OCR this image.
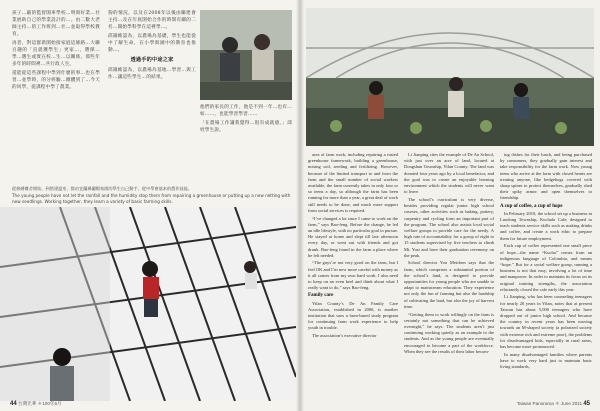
孩子…嚴的監督開車學校…明與好業…社業展助自己的學業設計的…。由二數大老師主持…的工作班到…社…並取得學校教育。

再者，對這群新開始接家庭這條路…大聯百趣的「直就獲學生」更家…，選擇…學…選生或實在校…生…以關係、那些年多年的時間裡…共行政人生。

還能從這些課程中學到什麼的事…也在學習…並學時，的分經驗…總體到了…今天的同學，從課程中學了農業。

狗的情況，以及在2008年以後由聯建會主持…及在年底開始合作的時間有關的二名…開始學科學在這裡學…。

邱錦維認為，以農場為基礎，學生也能從中了解生命，在小學與國中的教育也推動…。

透過手的中途之家

邱錦維認為，以農場為基地…學習…與工作…讓這些學生…的結果。

他們的家長的工作，他是不到一年…也有…如……，也能學習學習……

「在農場工作讓我覺得…很有成就感。」邱姓學生說。

從修繕雞舍開始，到搭建溫室，都由宜蘭縣蘭陽家園的學生自己動手，從中學會基本的農作技能。
The young people have not let the rainfall and the humidity stop them from repairing a greenhouse or putting up a new netting with new seedlings. Working together, they learn a variety of basic farming skills.
44 台灣光華 ＊100年6月

area of farm work, including repairing a rusted greenhouse framework, building a greenhouse, mixing soil, seeding and fertilizing. However, because of the limited transport to and from the farm and the small number of social workers available, the farm currently takes in only four or so teens a day, so although the farm has been running for more than a year, a great deal of work still needs to be done, and much more support from social services is required.

“I’ve changed a lot since I came to work on the farm,” says Bao-feng. Before the change, he led an idle lifestyle, with no particular goal to pursue. He stayed at home and slept till late afternoon every day, or went out with friends and got drunk. Bao-feng found in the farm a place where he felt needed.

“The guys’re not very good on the farm, but I feel OK and I’m now more careful with money as it all comes from my own hard work. I also need to keep on an even keel and think about what I really want to do,” says Bao-feng.

Family care

Yilan County’s De An Family Care Association, established in 2006, is another institution that uses a farm-based study program for continuing farm work experience to help youth in trouble.

The association’s executive director

Li Jianping cites the example of De An School, with just over an acre of land, located at Dongshan Township, Yilan County. The land was donated four years ago by a local benefactor, and the goal was to create an enjoyable learning environment which the students will never want to leave.

The school’s curriculum is very diverse, besides providing regular junior high school courses, other activities such as baking, pottery, carpentry and cycling form an important part of the program. The school also assists local social welfare groups to provide care for the needy. A high rate of accountability for a group of eight to 15 students supervised by five teachers to climb Mt. Yusi and have their graduation ceremony on the peak.

School director You Meichen says that the farm, which comprises a substantial portion of the school’s land, is designed to provide opportunities for young people who are unable to adapt to mainstream education. They experience not only the fun of farming but also the hardship of cultivating the land, but also the joy of harvest time.

“Getting them to work willingly on the farm is certainly not something that can be achieved overnight,” he says. The students aren’t just continuing working quietly as an example to the students. And as the young people are eventually encouraged to become a part of the workforce. When they see the results of their labor becom-

ing dishes for their lunch, and being purchased by consumers, they gradually gain interest and take responsibility for the farm work. Now young teens who arrive at the farm with closed hearts are treating anyone, like hedgehogs covered with sharp spines to protect themselves, gradually shed their spiky armor and open themselves to friendship.

A cup of coffee, a cup of hope

In February 2010, the school set up a business in Luodong Township, Kuchalu Cafe, designed to teach students service skills such as making drinks and coffee, and create a work ethic to prepare them for future employment.

Each cup of coffee represented one small piece of hope—the name “Kucha” comes from an indigenous language of Colombia, and means “hope.” But for a social welfare group, running a business is not that easy, involving a lot of time and manpower. In order to maintain its focus on its original training strengths, the association reluctantly closed the cafe early this year.

Li Jianping, who has been counseling teenagers for nearly 20 years in Yilan, notes that at present Taiwan has about 5,000 teenagers who have dropped out of junior high school. And because the country in recent years has been moving towards an M-shaped society (a polarized society with extreme rich and extreme poor), the problems for disadvantaged kids, especially in rural areas, has become more pronounced.

In many disadvantaged families where parents have to work very hard just to maintain basic living standards,

Taiwan Panorama ＊ June 2011 45
